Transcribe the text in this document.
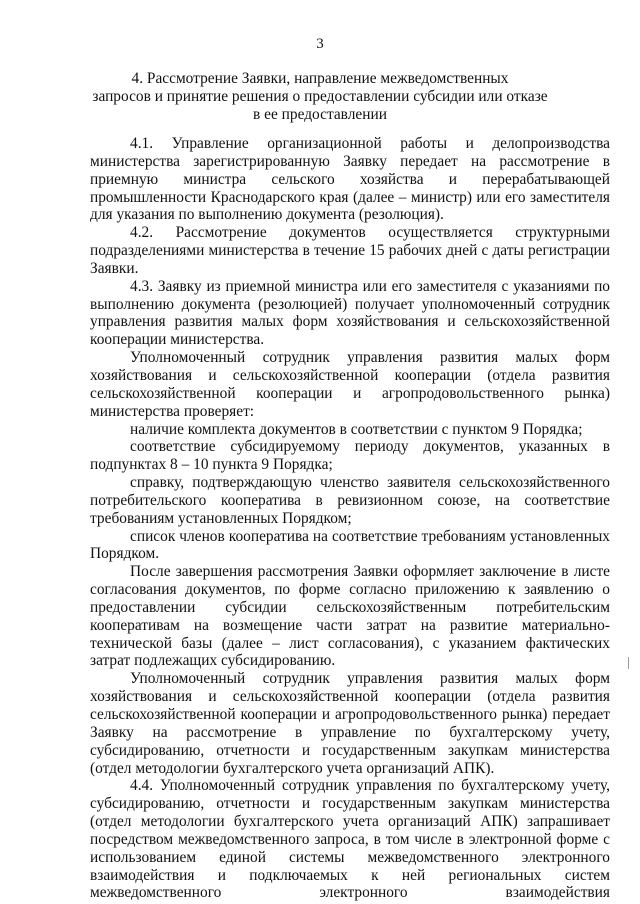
3
4. Рассмотрение Заявки, направление межведомственных
запросов и принятие решения о предоставлении субсидии или отказе
в ее предоставлении

4.1. Управление организационной работы и делопроизводства министерства зарегистрированную Заявку передает на рассмотрение в приемную министра сельского хозяйства и перерабатывающей промышленности Краснодарского края (далее – министр) или его заместителя для указания по выполнению документа (резолюция).

4.2. Рассмотрение документов осуществляется структурными подразделениями министерства в течение 15 рабочих дней с даты регистрации Заявки.

4.3. Заявку из приемной министра или его заместителя с указаниями по выполнению документа (резолюцией) получает уполномоченный сотрудник управления развития малых форм хозяйствования и сельскохозяйственной кооперации министерства.

Уполномоченный сотрудник управления развития малых форм хозяйствования и сельскохозяйственной кооперации (отдела развития сельскохозяйственной кооперации и агропродовольственного рынка) министерства проверяет:

наличие комплекта документов в соответствии с пунктом 9 Порядка;

соответствие субсидируемому периоду документов, указанных в подпунктах 8 – 10 пункта 9 Порядка;

справку, подтверждающую членство заявителя сельскохозяйственного потребительского кооператива в ревизионном союзе, на соответствие требованиям установленных Порядком;

список членов кооператива на соответствие требованиям установленных Порядком.

После завершения рассмотрения Заявки оформляет заключение в листе согласования документов, по форме согласно приложению к заявлению о предоставлении субсидии сельскохозяйственным потребительским кооперативам на возмещение части затрат на развитие материально-технической базы (далее – лист согласования), с указанием фактических затрат подлежащих субсидированию.

Уполномоченный сотрудник управления развития малых форм хозяйствования и сельскохозяйственной кооперации (отдела развития сельскохозяйственной кооперации и агропродовольственного рынка) передает Заявку на рассмотрение в управление по бухгалтерскому учету, субсидированию, отчетности и государственным закупкам министерства (отдел методологии бухгалтерского учета организаций АПК).

4.4. Уполномоченный сотрудник управления по бухгалтерскому учету, субсидированию, отчетности и государственным закупкам министерства (отдел методологии бухгалтерского учета организаций АПК) запрашивает посредством межведомственного запроса, в том числе в электронной форме с использованием единой системы межведомственного электронного взаимодействия и подключаемых к ней региональных систем межведомственного электронного взаимодействия
